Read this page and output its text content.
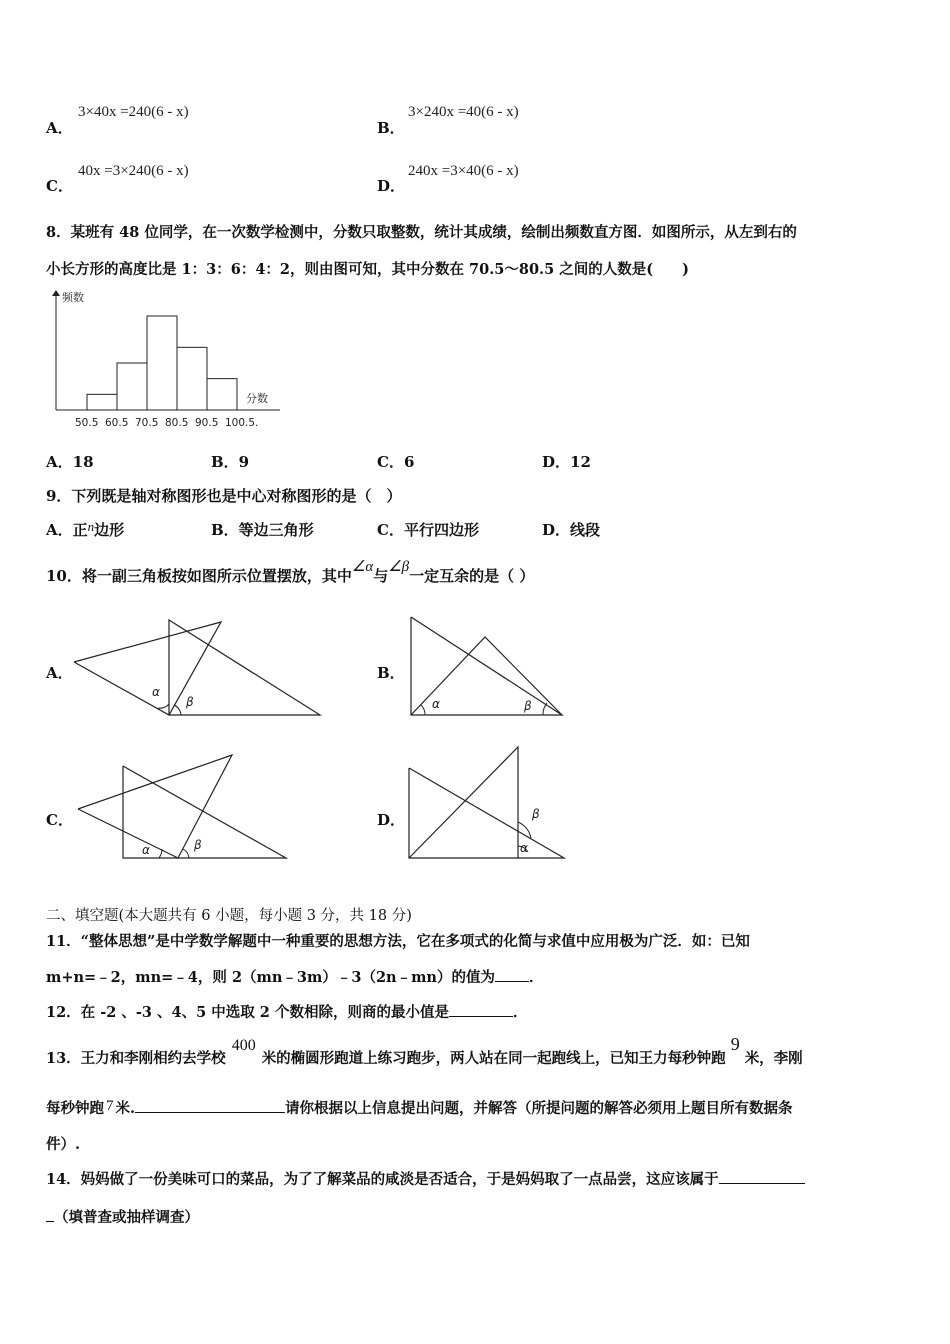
3×40x =240(6 - x)
A．
3×240x =40(6 - x)
B．
40x =3×240(6 - x)
C．
240x =3×40(6 - x)
D．
8．某班有 48 位同学，在一次数学检测中，分数只取整数，统计其成绩，绘制出频数直方图．如图所示，从左到右的
小长方形的高度比是 1：3：6：4：2，则由图可知，其中分数在 70.5～80.5 之间的人数是(　　)
频数
分数
50.5 60.5 70.5 80.5 90.5 100.5.
A．18	B．9	C．6	D．12
9．下列既是轴对称图形也是中心对称图形的是（　）
A．正n边形	B．等边三角形	C．平行四边形	D．线段
10．将一副三角板按如图所示位置摆放，其中∠α与∠β一定互余的是（ ）
A．
α
β
B．
α	β
C．
α	β
D．	β
α
二、填空题(本大题共有 6 小题，每小题 3 分，共 18 分)
11．“整体思想”是中学数学解题中一种重要的思想方法，它在多项式的化简与求值中应用极为广泛．如：已知
m+n=﹣2，mn=﹣4，则 2（mn﹣3m）﹣3（2n﹣mn）的值为 ．
12．在 -2 、-3 、4、5 中选取 2 个数相除，则商的最小值是	．
13．王力和李刚相约去学校400米的椭圆形跑道上练习跑步，两人站在同一起跑线上，已知王力每秒钟跑9米，李刚
每秒钟跑 7 米.	请你根据以上信息提出问题，并解答（所提问题的解答必须用上题目所有数据条
件）.
14．妈妈做了一份美味可口的菜品，为了了解菜品的咸淡是否适合，于是妈妈取了一点品尝，这应该属于
（填普查或抽样调查）
